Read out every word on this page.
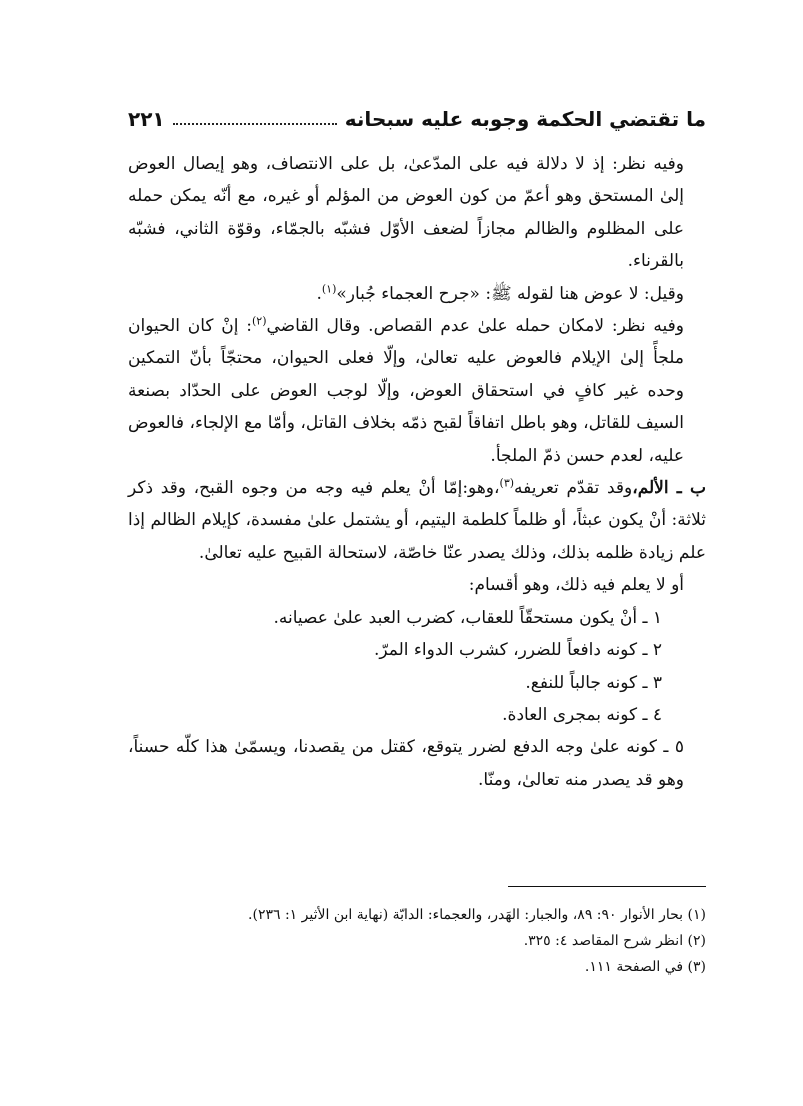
ما تقتضي الحكمة وجوبه عليه سبحانه
٢٢١

وفيه نظر: إذ لا دلالة فيه على المدّعىٰ، بل على الانتصاف، وهو إيصال العوض إلىٰ المستحق وهو أعمّ من كون العوض من المؤلم أو غيره، مع أنّه يمكن حمله على المظلوم والظالم مجازاً لضعف الأوّل فشبّه بالجمّاء، وقوّة الثاني، فشبّه بالقرناء.

وقيل: لا عوض هنا لقوله ﷺ: «جرح العجماء جُبار»$^{(١)}$.

وفيه نظر: لامكان حمله علىٰ عدم القصاص. وقال القاضي$^{(٢)}$: إنْ كان الحيوان ملجأً إلىٰ الإيلام فالعوض عليه تعالىٰ، وإلّا فعلى الحيوان، محتجّاً بأنّ التمكين وحده غير كافٍ في استحقاق العوض، وإلّا لوجب العوض على الحدّاد بصنعة السيف للقاتل، وهو باطل اتفاقاً لقبح ذمّه بخلاف القاتل، وأمّا مع الإلجاء، فالعوض عليه، لعدم حسن ذمّ الملجأ.

ب ـ الألم،وقد تقدّم تعريفه$^{(٣)}$،وهو:إمّا أنْ يعلم فيه وجه من وجوه القبح، وقد ذكر ثلاثة: أنْ يكون عبثاً، أو ظلماً كلطمة اليتيم، أو يشتمل علىٰ مفسدة، كإيلام الظالم إذا علم زيادة ظلمه بذلك، وذلك يصدر عنّا خاصّة، لاستحالة القبيح عليه تعالىٰ.

أو لا يعلم فيه ذلك، وهو أقسام:

١ ـ أنْ يكون مستحقّاً للعقاب، كضرب العبد علىٰ عصيانه.

٢ ـ كونه دافعاً للضرر، كشرب الدواء المرّ.

٣ ـ كونه جالباً للنفع.

٤ ـ كونه بمجرى العادة.

٥ ـ كونه علىٰ وجه الدفع لضرر يتوقع، كقتل من يقصدنا، ويسمّىٰ هذا كلّه حسناً، وهو قد يصدر منه تعالىٰ، ومنّا.

(١) بحار الأنوار ٩٠: ٨٩، والجبار: الهَدر، والعجماء: الدابّة (نهاية ابن الأثير ١: ٢٣٦).
(٢) انظر شرح المقاصد ٤: ٣٢٥.
(٣) في الصفحة ١١١.
